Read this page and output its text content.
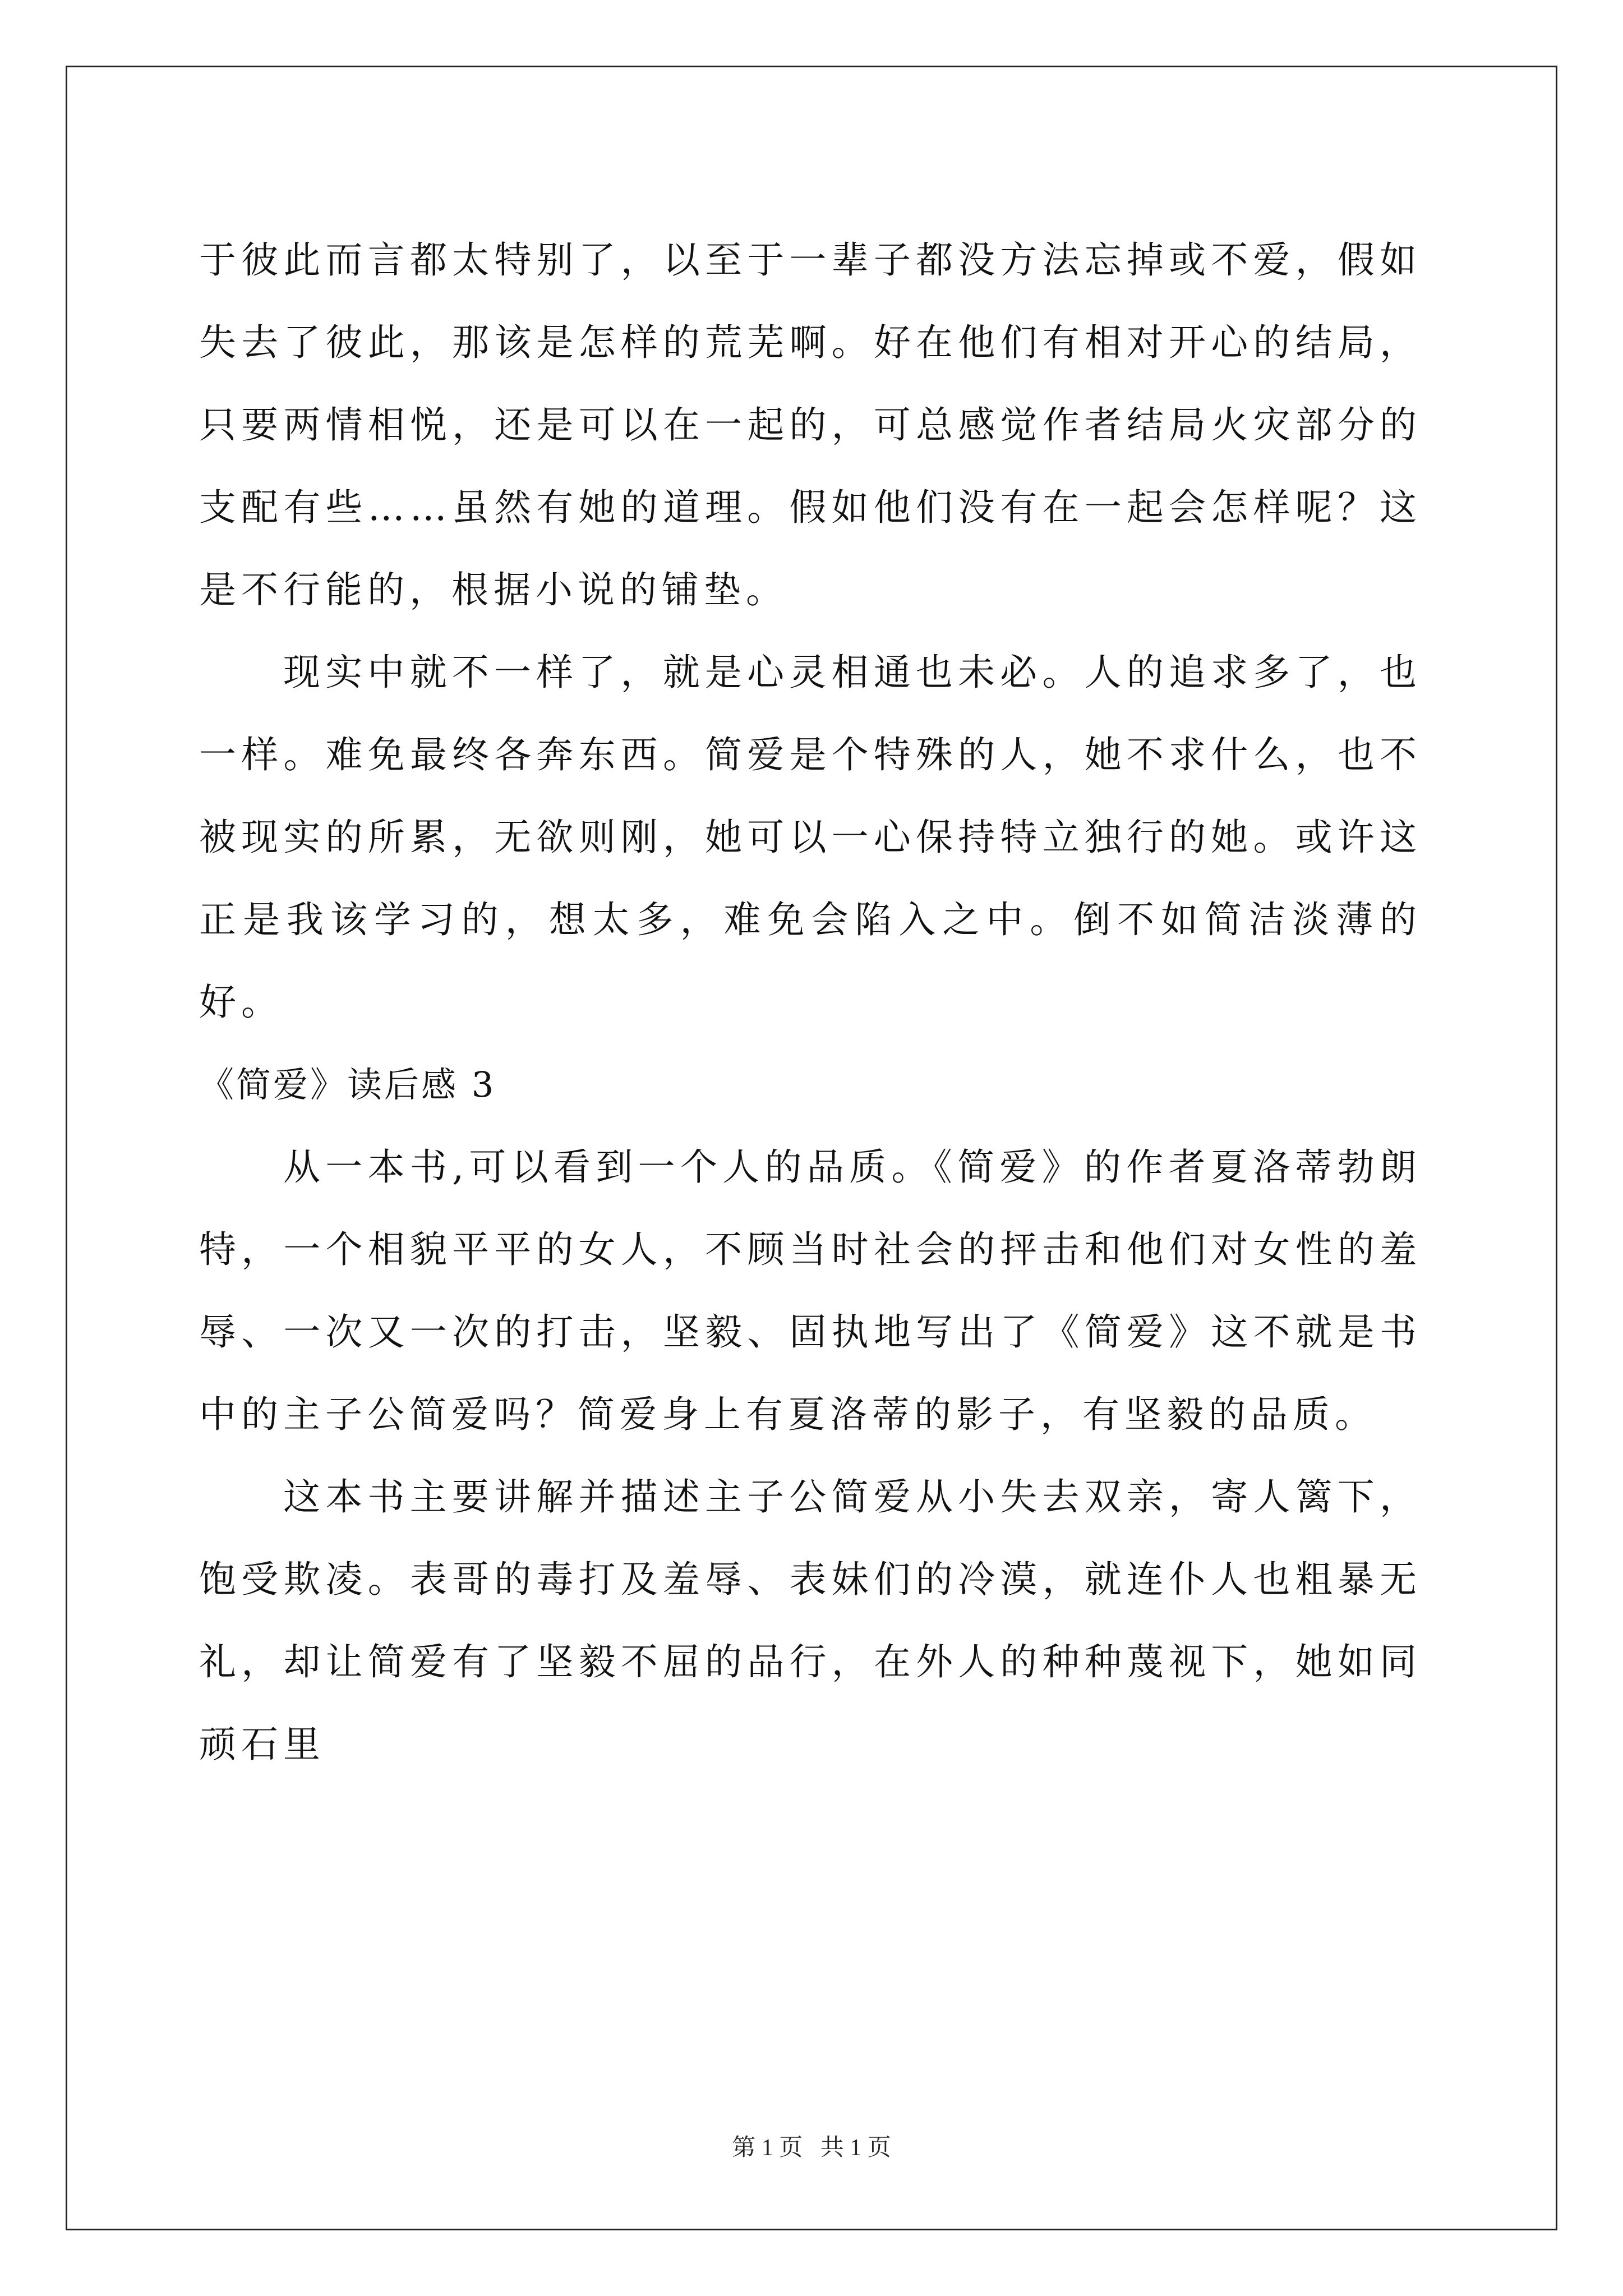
于彼此而言都太特别了，以至于一辈子都没方法忘掉或不爱，假如失去了彼此，那该是怎样的荒芜啊。好在他们有相对开心的结局，只要两情相悦，还是可以在一起的，可总感觉作者结局火灾部分的支配有些……虽然有她的道理。假如他们没有在一起会怎样呢？这是不行能的，根据小说的铺垫。

现实中就不一样了，就是心灵相通也未必。人的追求多了，也一样。难免最终各奔东西。简爱是个特殊的人，她不求什么，也不被现实的所累，无欲则刚，她可以一心保持特立独行的她。或许这正是我该学习的，想太多，难免会陷入之中。倒不如简洁淡薄的好。

《简爱》读后感 3

从一本书,可以看到一个人的品质。《简爱》的作者夏洛蒂勃朗特，一个相貌平平的女人，不顾当时社会的抨击和他们对女性的羞辱、一次又一次的打击，坚毅、固执地写出了《简爱》这不就是书中的主子公简爱吗？简爱身上有夏洛蒂的影子，有坚毅的品质。

这本书主要讲解并描述主子公简爱从小失去双亲，寄人篱下，饱受欺凌。表哥的毒打及羞辱、表妹们的冷漠，就连仆人也粗暴无礼，却让简爱有了坚毅不屈的品行，在外人的种种蔑视下，她如同顽石里

第 1 页   共 1 页
